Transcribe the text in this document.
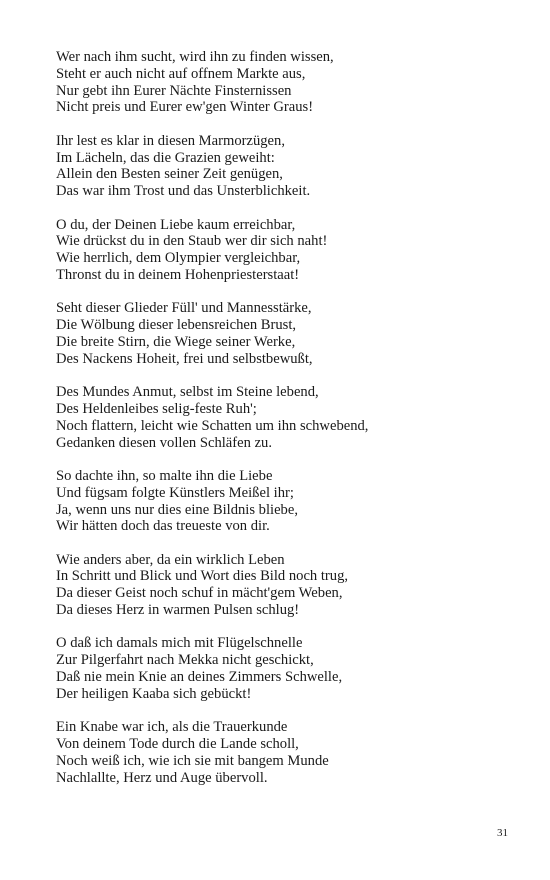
Wer nach ihm sucht, wird ihn zu finden wissen,
Steht er auch nicht auf offnem Markte aus,
Nur gebt ihn Eurer Nächte Finsternissen
Nicht preis und Eurer ew'gen Winter Graus!
Ihr lest es klar in diesen Marmorzügen,
Im Lächeln, das die Grazien geweiht:
Allein den Besten seiner Zeit genügen,
Das war ihm Trost und das Unsterblichkeit.
O du, der Deinen Liebe kaum erreichbar,
Wie drückst du in den Staub wer dir sich naht!
Wie herrlich, dem Olympier vergleichbar,
Thronst du in deinem Hohenpriesterstaat!
Seht dieser Glieder Füll' und Mannesstärke,
Die Wölbung dieser lebensreichen Brust,
Die breite Stirn, die Wiege seiner Werke,
Des Nackens Hoheit, frei und selbstbewußt,
Des Mundes Anmut, selbst im Steine lebend,
Des Heldenleibes selig-feste Ruh';
Noch flattern, leicht wie Schatten um ihn schwebend,
Gedanken diesen vollen Schläfen zu.
So dachte ihn, so malte ihn die Liebe
Und fügsam folgte Künstlers Meißel ihr;
Ja, wenn uns nur dies eine Bildnis bliebe,
Wir hätten doch das treueste von dir.
Wie anders aber, da ein wirklich Leben
In Schritt und Blick und Wort dies Bild noch trug,
Da dieser Geist noch schuf in mächt'gem Weben,
Da dieses Herz in warmen Pulsen schlug!
O daß ich damals mich mit Flügelschnelle
Zur Pilgerfahrt nach Mekka nicht geschickt,
Daß nie mein Knie an deines Zimmers Schwelle,
Der heiligen Kaaba sich gebückt!
Ein Knabe war ich, als die Trauerkunde
Von deinem Tode durch die Lande scholl,
Noch weiß ich, wie ich sie mit bangem Munde
Nachlallte, Herz und Auge übervoll.
31
